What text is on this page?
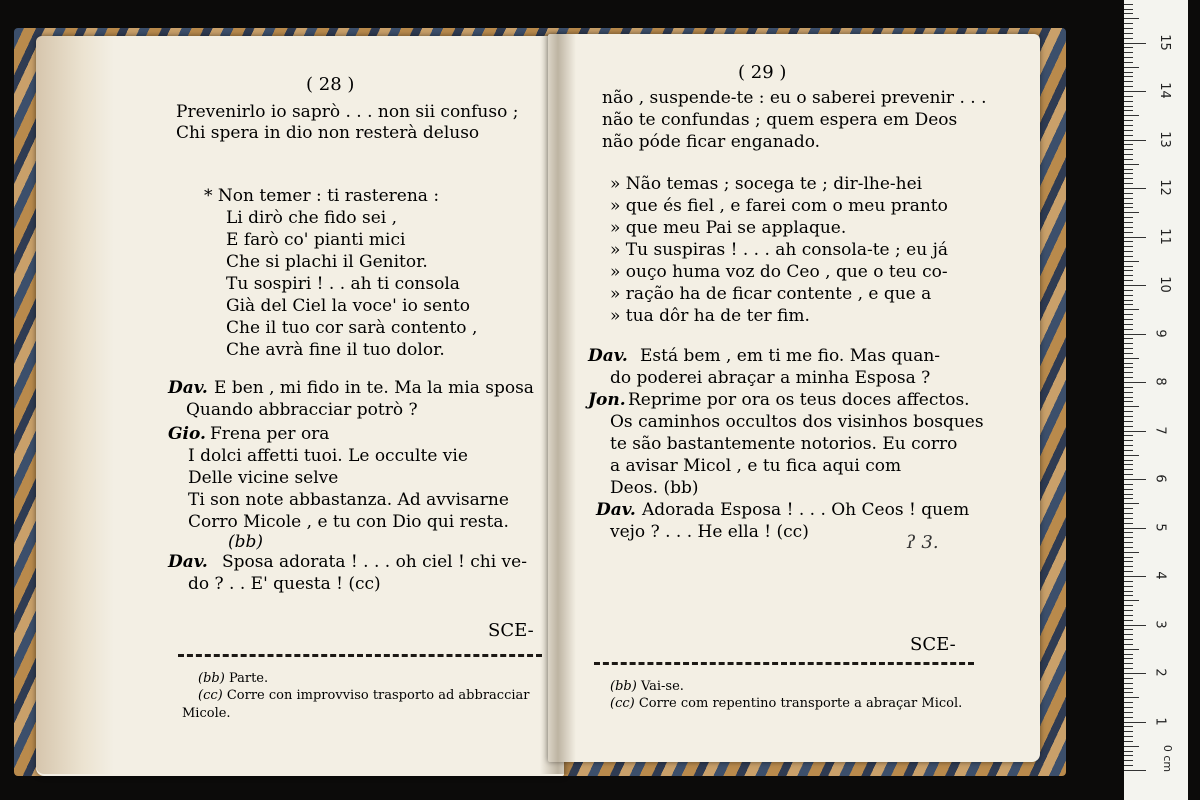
( 28 )
Prevenirlo io saprò . . . non sii confuso ;
Chi spera in dio non resterà deluso
* Non temer : ti rasterena :
Li dirò che fido sei ,
E farò co' pianti mici
Che si plachi il Genitor.
Tu sospiri ! . . ah ti consola
Già del Ciel la voce' io sento
Che il tuo cor sarà contento ,
Che avrà fine il tuo dolor.
Dav. E ben , mi fido in te. Ma la mia sposa
Quando abbracciar potrò ?
Gio. Frena per ora
I dolci affetti tuoi. Le occulte vie
Delle vicine selve
Ti son note abbastanza. Ad avvisarne
Corro Micole , e tu con Dio qui resta.
(bb)
Dav. Sposa adorata ! . . . oh ciel ! chi ve-
do ? . . E' questa ! (cc)
SCE-
(bb) Parte.
(cc) Corre con improvviso trasporto ad abbracciar
Micole.
( 29 )
não , suspende-te : eu o saberei prevenir . . .
não te confundas ; quem espera em Deos
não póde ficar enganado.
» Não temas ; socega te ; dir-lhe-hei
» que és fiel , e farei com o meu pranto
» que meu Pai se applaque.
» Tu suspiras ! . . . ah consola-te ; eu já
» ouço huma voz do Ceo , que o teu co-
» ração ha de ficar contente , e que a
» tua dôr ha de ter fim.
Dav. Está bem , em ti me fio. Mas quan-
do poderei abraçar a minha Esposa ?
Jon. Reprime por ora os teus doces affectos.
Os caminhos occultos dos visinhos bosques
te são bastantemente notorios. Eu corro
a avisar Micol , e tu fica aqui com
Deos. (bb)
Dav. Adorada Esposa ! . . . Oh Ceos ! quem
vejo ? . . . He ella ! (cc)	ʔ 3.
SCE-
(bb) Vai-se.
(cc) Corre com repentino transporte a abraçar Micol.
0 cm
1
2
3
4
5
6
7
8
9
10
11
12
13
14
15
